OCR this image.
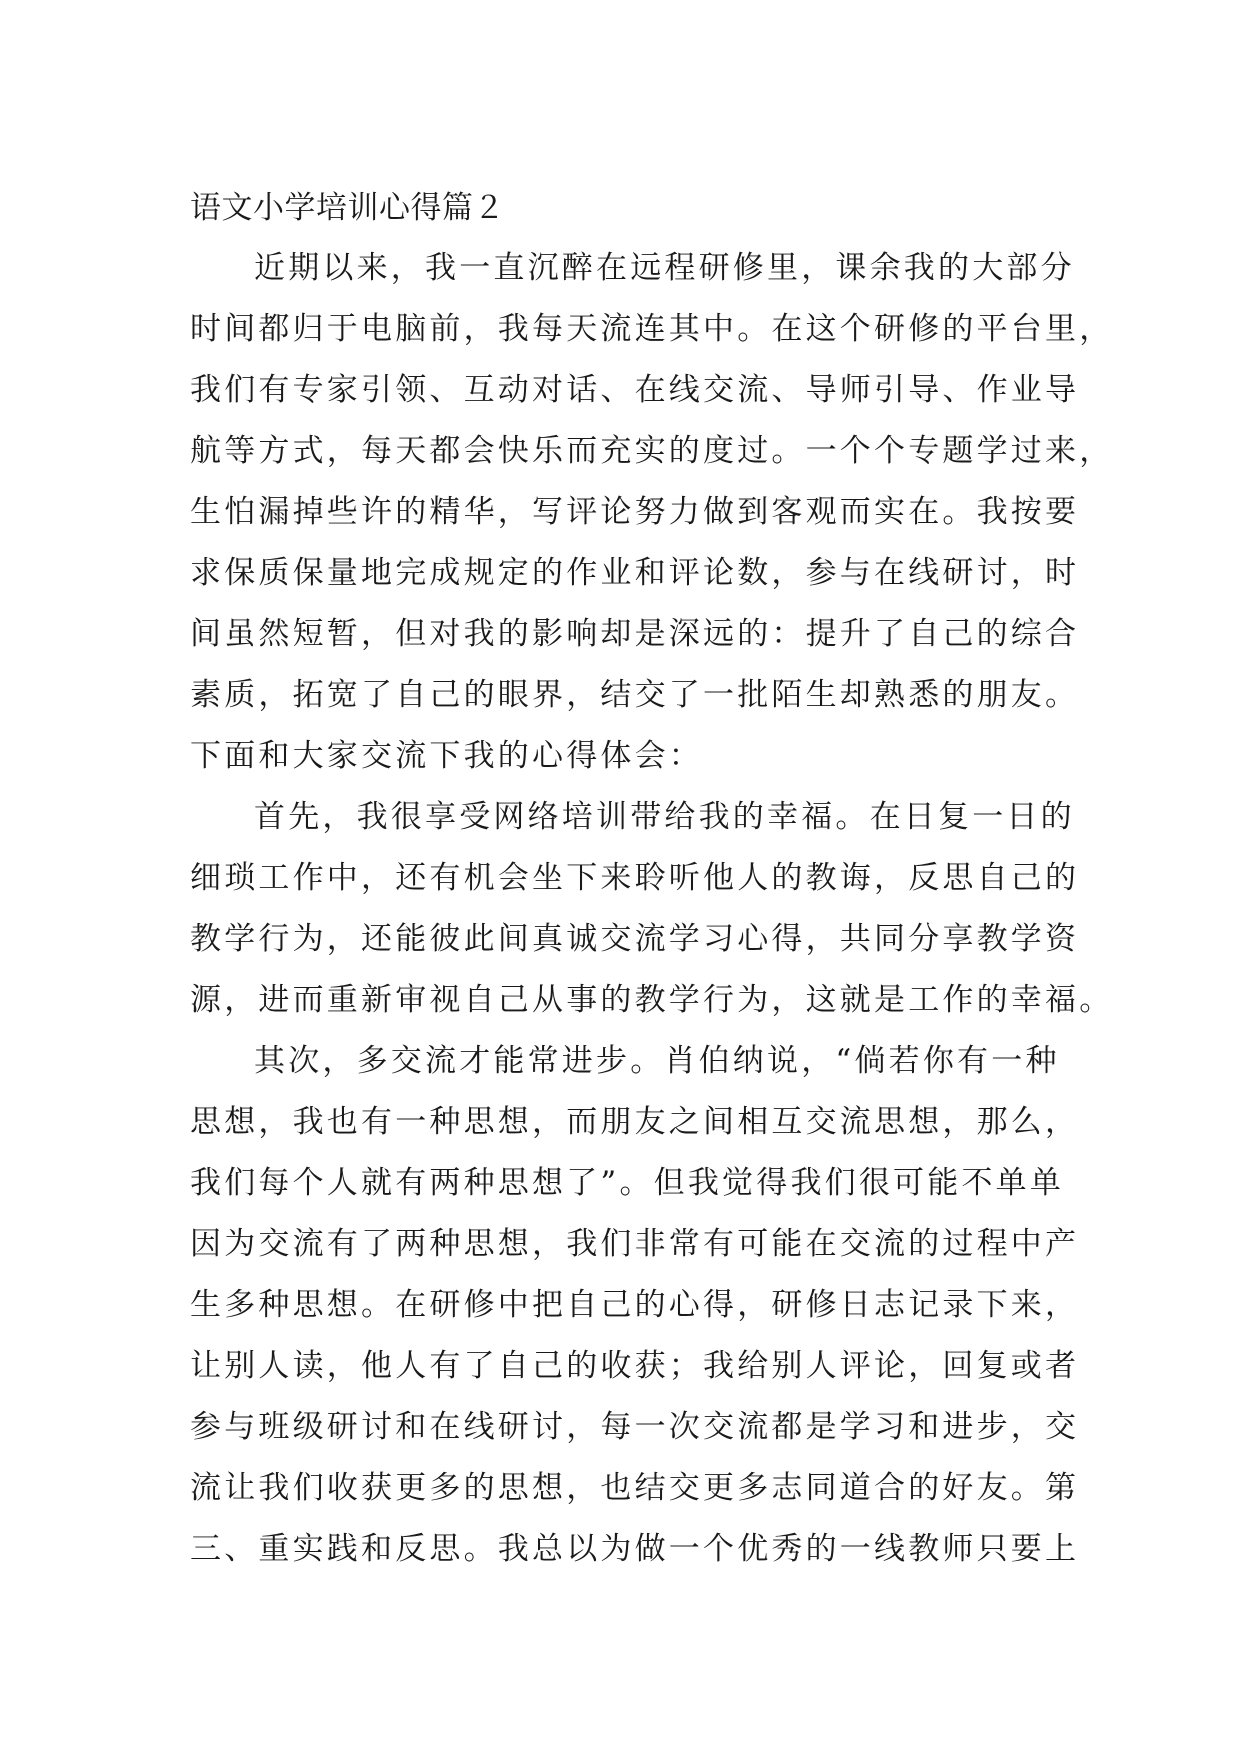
语文小学培训心得篇２
近期以来，我一直沉醉在远程研修里，课余我的大部分
时间都归于电脑前，我每天流连其中。在这个研修的平台里，
我们有专家引领、互动对话、在线交流、导师引导、作业导
航等方式，每天都会快乐而充实的度过。一个个专题学过来，
生怕漏掉些许的精华，写评论努力做到客观而实在。我按要
求保质保量地完成规定的作业和评论数，参与在线研讨，时
间虽然短暂，但对我的影响却是深远的：提升了自己的综合
素质，拓宽了自己的眼界，结交了一批陌生却熟悉的朋友。
下面和大家交流下我的心得体会：
首先，我很享受网络培训带给我的幸福。在日复一日的
细琐工作中，还有机会坐下来聆听他人的教诲，反思自己的
教学行为，还能彼此间真诚交流学习心得，共同分享教学资
源，进而重新审视自己从事的教学行为，这就是工作的幸福。
其次，多交流才能常进步。肖伯纳说，“倘若你有一种
思想，我也有一种思想，而朋友之间相互交流思想，那么，
我们每个人就有两种思想了”。但我觉得我们很可能不单单
因为交流有了两种思想，我们非常有可能在交流的过程中产
生多种思想。在研修中把自己的心得，研修日志记录下来，
让别人读，他人有了自己的收获；我给别人评论，回复或者
参与班级研讨和在线研讨，每一次交流都是学习和进步，交
流让我们收获更多的思想，也结交更多志同道合的好友。第
三、重实践和反思。我总以为做一个优秀的一线教师只要上
